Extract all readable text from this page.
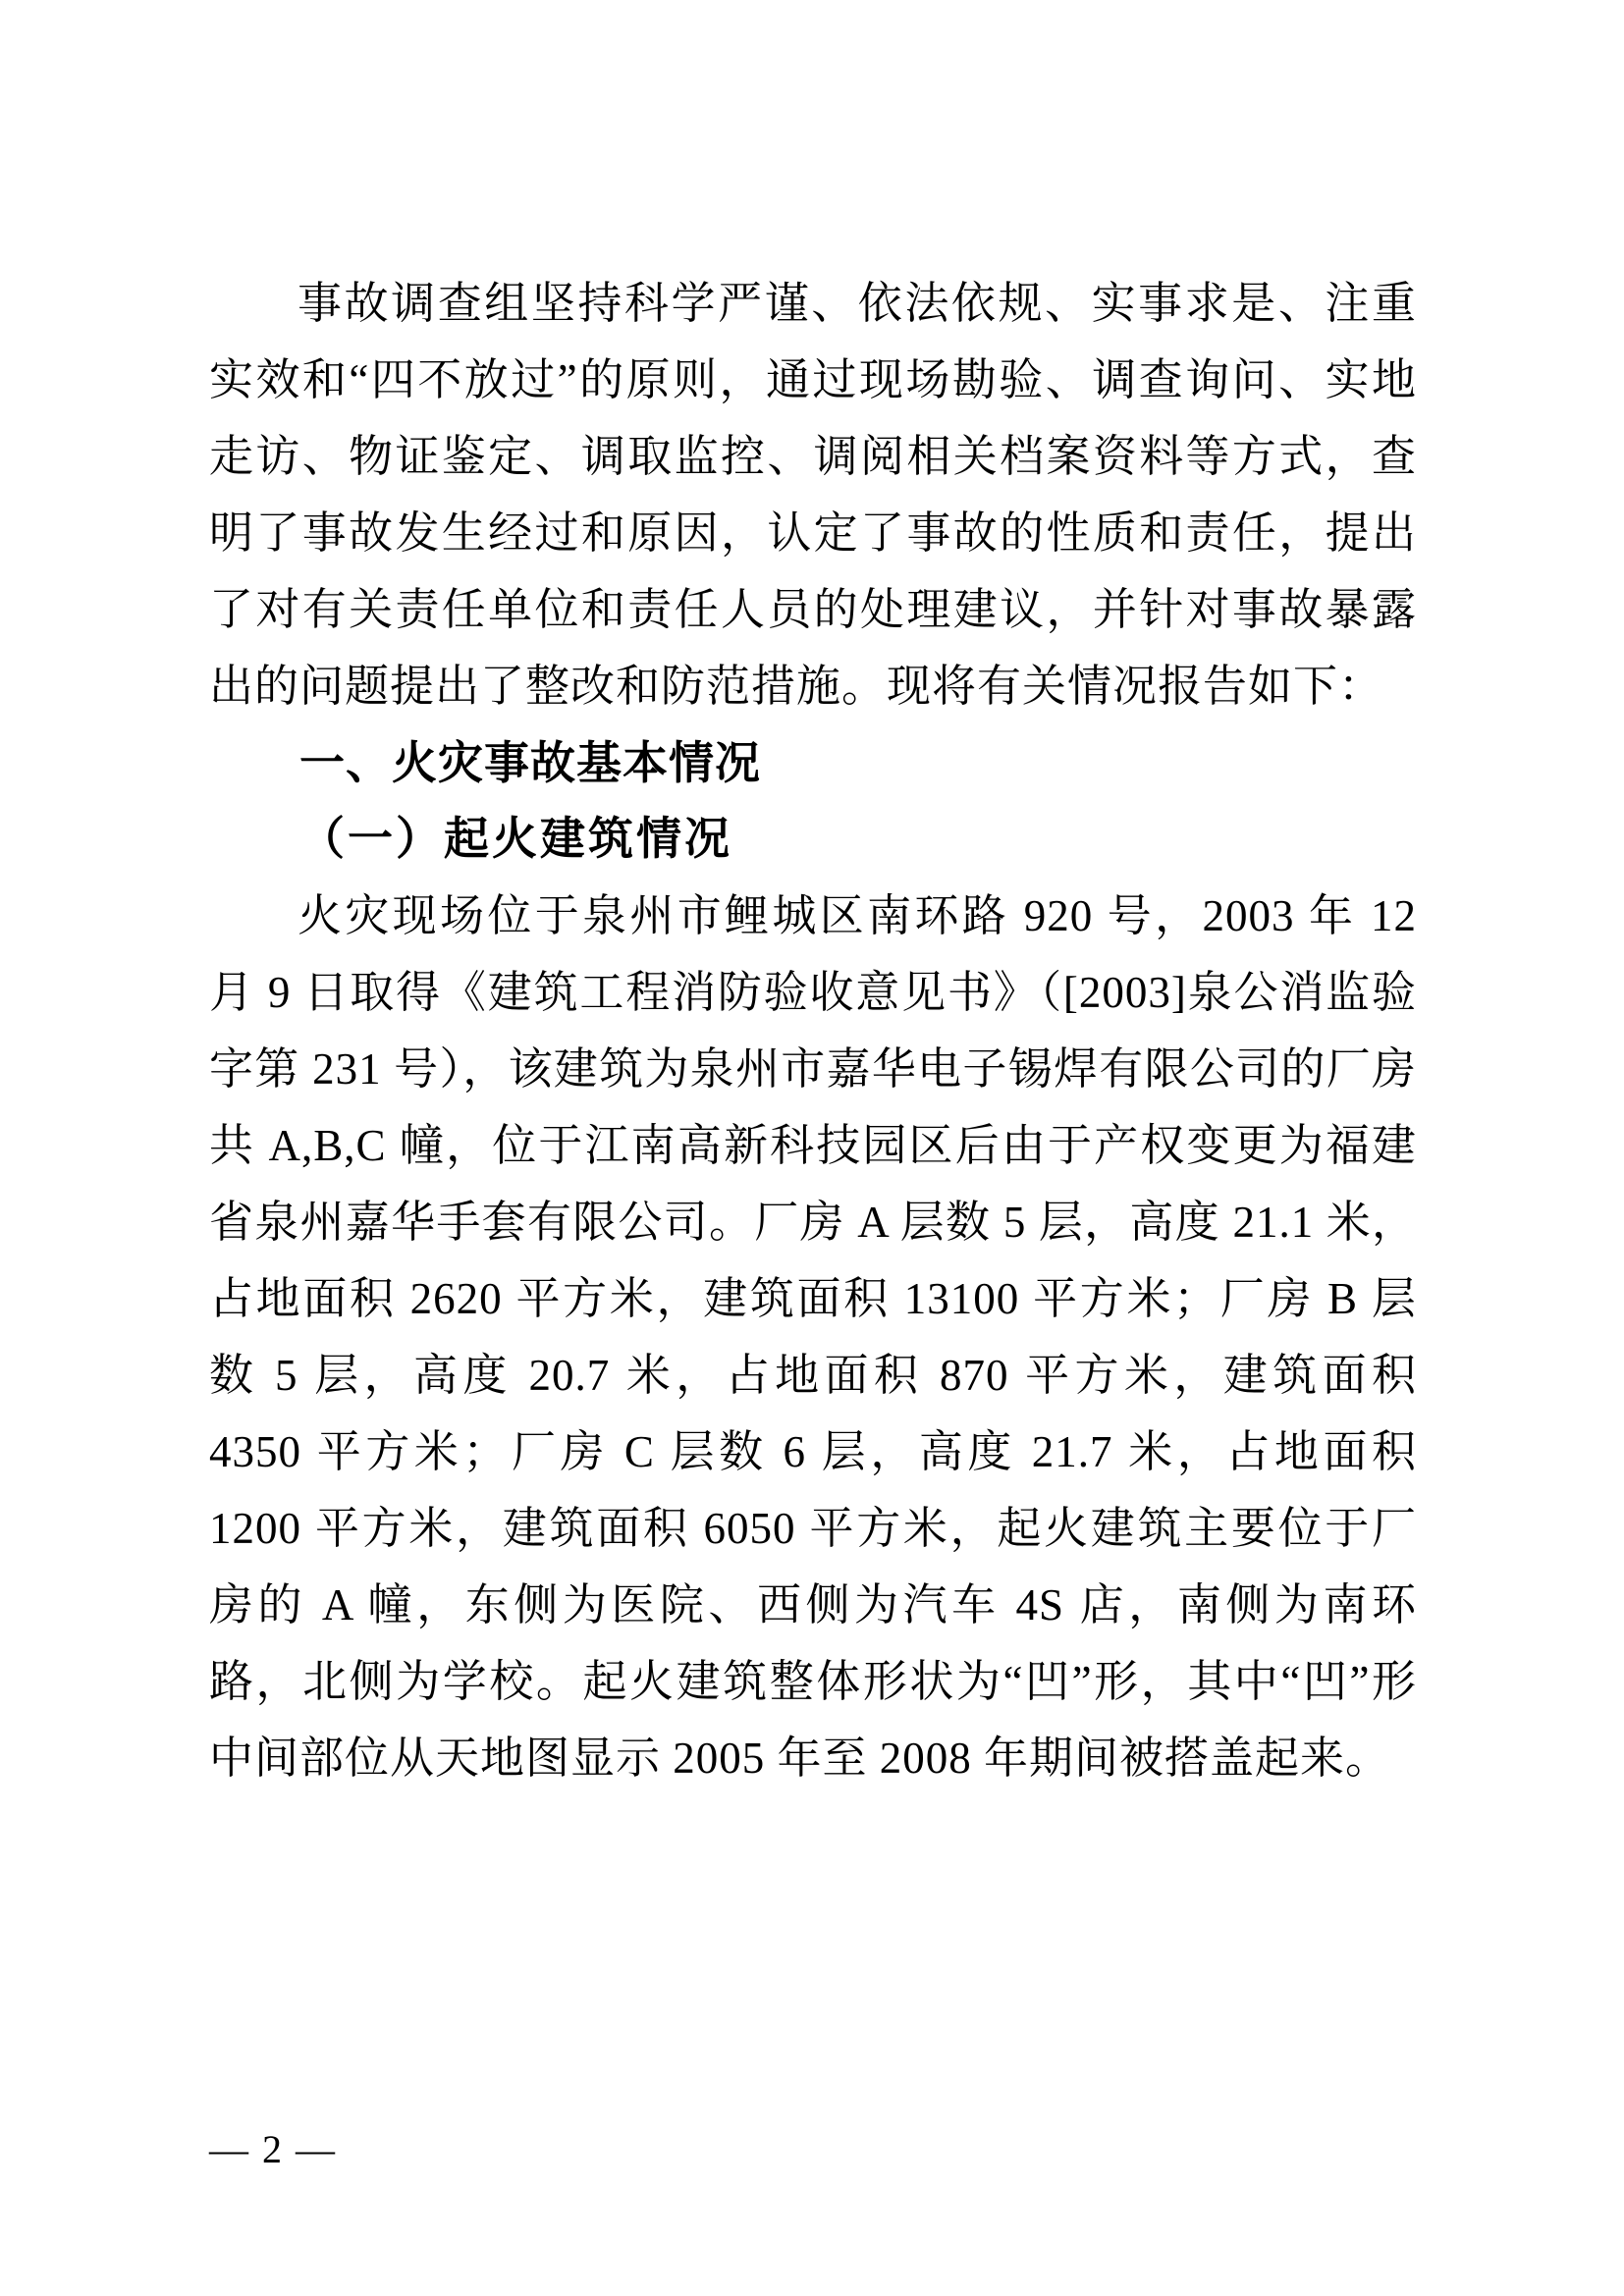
事故调查组坚持科学严谨、依法依规、实事求是、注重实效和“四不放过”的原则，通过现场勘验、调查询问、实地走访、物证鉴定、调取监控、调阅相关档案资料等方式，查明了事故发生经过和原因，认定了事故的性质和责任，提出了对有关责任单位和责任人员的处理建议，并针对事故暴露出的问题提出了整改和防范措施。现将有关情况报告如下：

一、火灾事故基本情况
（一）起火建筑情况

火灾现场位于泉州市鲤城区南环路 920 号，2003 年 12 月 9 日取得《建筑工程消防验收意见书》（[2003]泉公消监验字第 231 号），该建筑为泉州市嘉华电子锡焊有限公司的厂房共 A,B,C 幢，位于江南高新科技园区后由于产权变更为福建省泉州嘉华手套有限公司。厂房 A 层数 5 层，高度 21.1 米，占地面积 2620 平方米，建筑面积 13100 平方米；厂房 B 层数 5 层，高度 20.7 米，占地面积 870 平方米，建筑面积 4350 平方米；厂房 C 层数 6 层，高度 21.7 米，占地面积 1200 平方米，建筑面积 6050 平方米，起火建筑主要位于厂房的 A 幢，东侧为医院、西侧为汽车 4S 店，南侧为南环路，北侧为学校。起火建筑整体形状为“凹”形，其中“凹”形中间部位从天地图显示 2005 年至 2008 年期间被搭盖起来。

— 2 —
